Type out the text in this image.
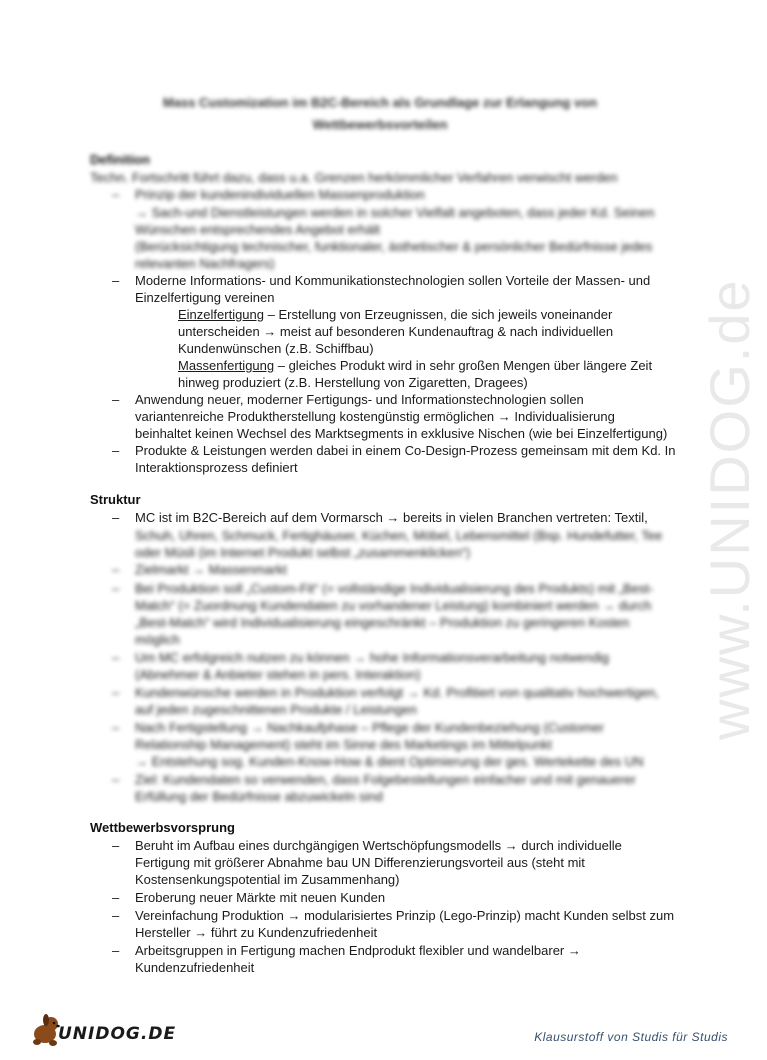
Mass Customization im B2C-Bereich als Grundlage zur Erlangung von
Wettbewerbsvorteilen
Definition
Techn. Fortschritt führt dazu, dass u.a. Grenzen herkömmlicher Verfahren verwischt werden
– Prinzip der kundenindividuellen Massenproduktion
→ Sach-und Dienstleistungen werden in solcher Vielfalt angeboten, dass jeder Kd. Seinen
Wünschen entsprechendes Angebot erhält
(Berücksichtigung technischer, funktionaler, ästhetischer & persönlicher Bedürfnisse jedes
relevanten Nachfragers)
– Moderne Informations- und Kommunikationstechnologien sollen Vorteile der Massen- und
Einzelfertigung vereinen
Einzelfertigung – Erstellung von Erzeugnissen, die sich jeweils voneinander
unterscheiden → meist auf besonderen Kundenauftrag & nach individuellen
Kundenwünschen (z.B. Schiffbau)
Massenfertigung – gleiches Produkt wird in sehr großen Mengen über längere Zeit
hinweg produziert (z.B. Herstellung von Zigaretten, Dragees)
– Anwendung neuer, moderner Fertigungs- und Informationstechnologien sollen
variantenreiche Produktherstellung kostengünstig ermöglichen → Individualisierung
beinhaltet keinen Wechsel des Marktsegments in exklusive Nischen (wie bei Einzelfertigung)
– Produkte & Leistungen werden dabei in einem Co-Design-Prozess gemeinsam mit dem Kd. In
Interaktionsprozess definiert
Struktur
– MC ist im B2C-Bereich auf dem Vormarsch → bereits in vielen Branchen vertreten: Textil,
Schuh, Uhren, Schmuck, Fertighäuser, Küchen, Möbel, Lebensmittel (Bsp. Hundefutter, Tee
oder Müsli (im Internet Produkt selbst „zusammenklicken“)
– Zielmarkt → Massenmarkt
– Bei Produktion soll „Custom-Fit“ (= vollständige Individualisierung des Produkts) mit „Best-
Match“ (= Zuordnung Kundendaten zu vorhandener Leistung) kombiniert werden → durch
„Best-Match“ wird Individualisierung eingeschränkt – Produktion zu geringeren Kosten
möglich
– Um MC erfolgreich nutzen zu können → hohe Informationsverarbeitung notwendig
(Abnehmer & Anbieter stehen in pers. Interaktion)
– Kundenwünsche werden in Produktion verfolgt → Kd. Profitiert von qualitativ hochwertigen,
auf jeden zugeschnittenen Produkte / Leistungen
– Nach Fertigstellung → Nachkaufphase – Pflege der Kundenbeziehung (Customer
Relationship Management) steht im Sinne des Marketings im Mittelpunkt
→ Entstehung sog. Kunden-Know-How & dient Optimierung der ges. Wertekette des UN
– Ziel: Kundendaten so verwenden, dass Folgebestellungen einfacher und mit genauerer
Erfüllung der Bedürfnisse abzuwickeln sind
Wettbewerbsvorsprung
– Beruht im Aufbau eines durchgängigen Wertschöpfungsmodells → durch individuelle
Fertigung mit größerer Abnahme bau UN Differenzierungsvorteil aus (steht mit
Kostensenkungspotential im Zusammenhang)
– Eroberung neuer Märkte mit neuen Kunden
– Vereinfachung Produktion → modularisiertes Prinzip (Lego-Prinzip) macht Kunden selbst zum
Hersteller → führt zu Kundenzufriedenheit
– Arbeitsgruppen in Fertigung machen Endprodukt flexibler und wandelbarer →
Kundenzufriedenheit
www.UNIDOG.de
UNIDOG.DE	Klausurstoff von Studis für Studis
